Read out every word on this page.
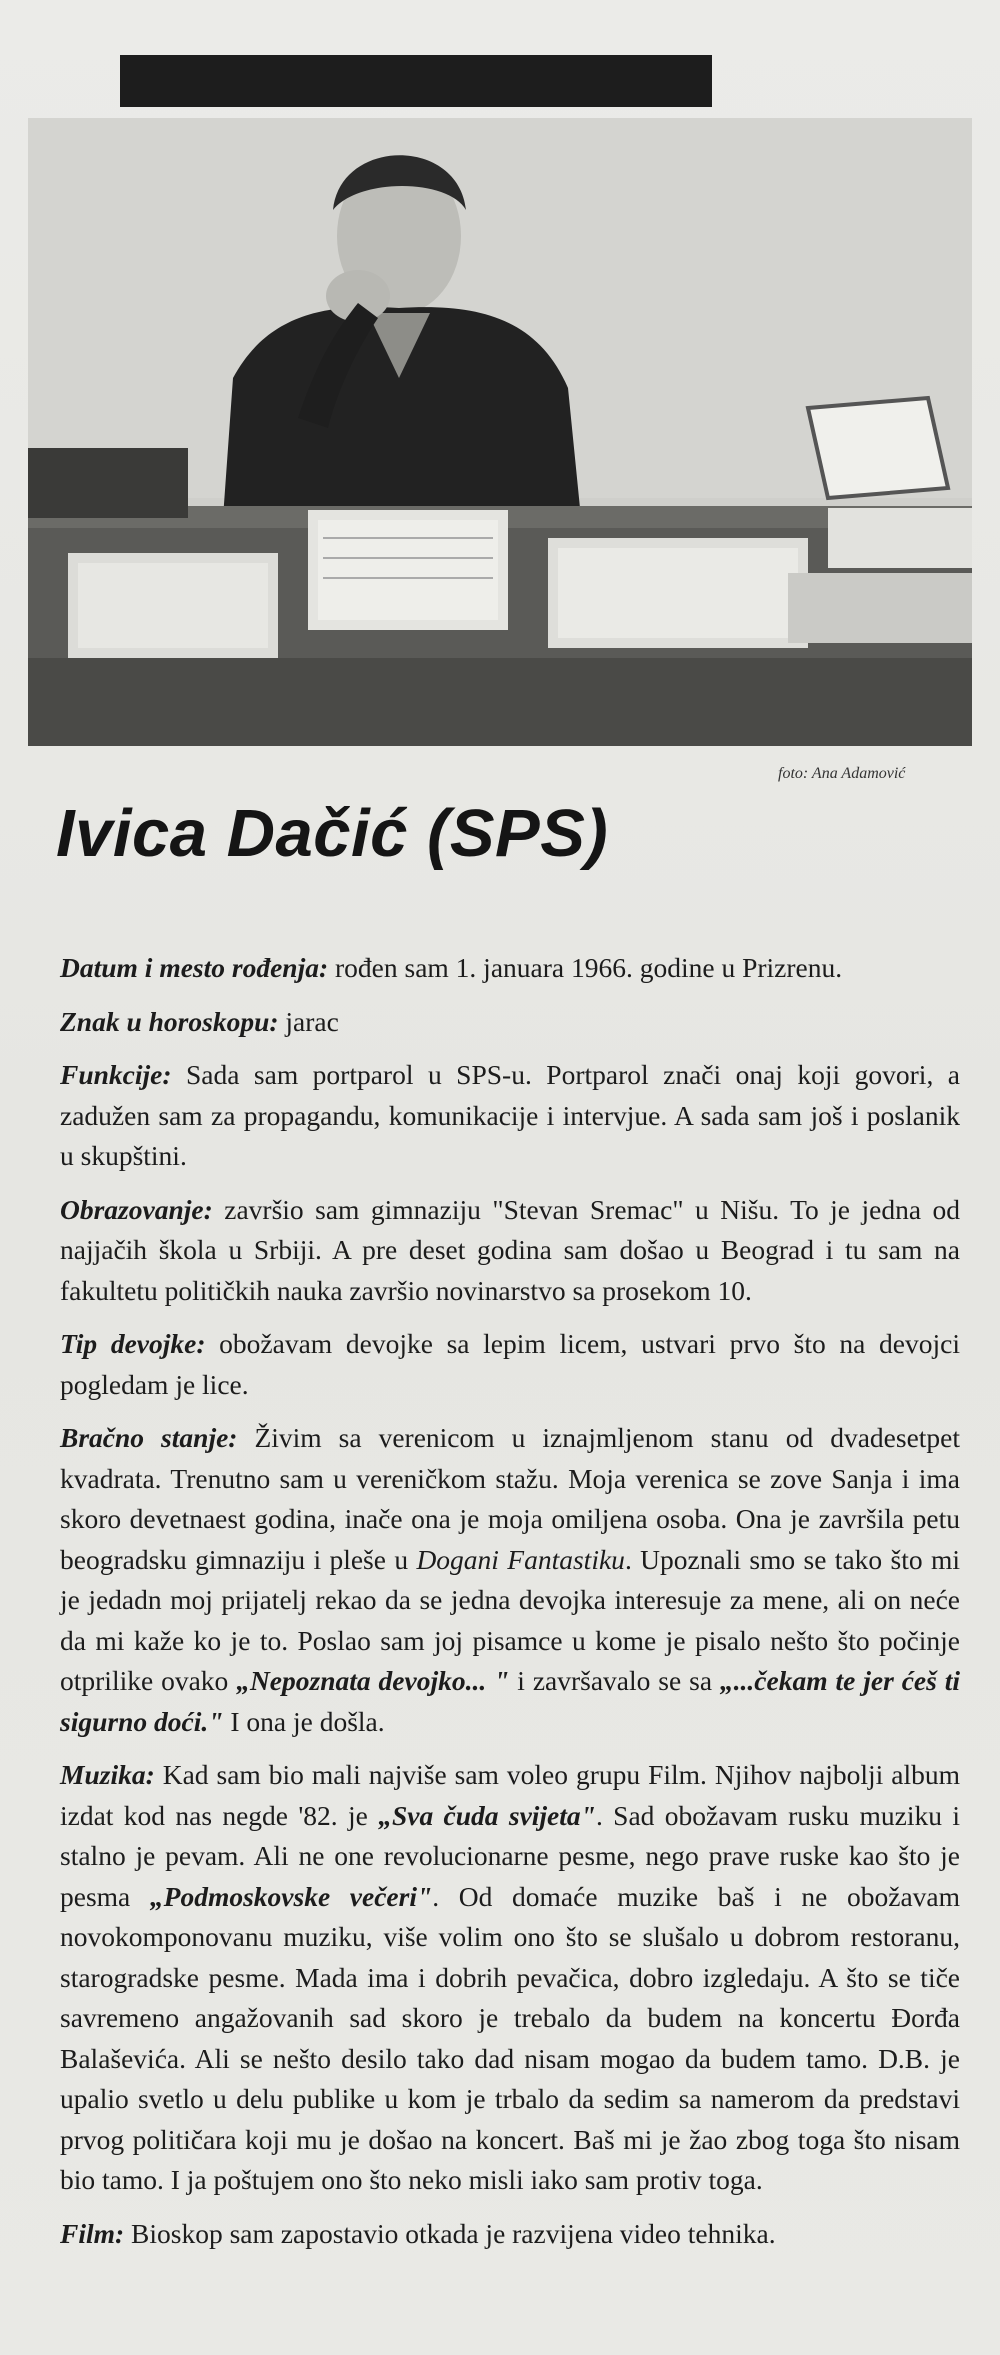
foto: Ana Adamović
Ivica Dačić (SPS)

Datum i mesto rođenja: rođen sam 1. januara 1966. godine u Prizrenu.

Znak u horoskopu: jarac

Funkcije: Sada sam portparol u SPS-u. Portparol znači onaj koji govori, a zadužen sam za propagandu, komunikacije i intervjue. A sada sam još i poslanik u skupštini.

Obrazovanje: završio sam gimnaziju "Stevan Sremac" u Nišu. To je jedna od najjačih škola u Srbiji. A pre deset godina sam došao u Beograd i tu sam na fakultetu političkih nauka završio novinarstvo sa prosekom 10.

Tip devojke: obožavam devojke sa lepim licem, ustvari prvo što na devojci pogledam je lice.

Bračno stanje: Živim sa verenicom u iznajmljenom stanu od dvadesetpet kvadrata. Trenutno sam u vereničkom stažu. Moja verenica se zove Sanja i ima skoro devetnaest godina, inače ona je moja omiljena osoba. Ona je završila petu beogradsku gimnaziju i pleše u Dogani Fantastiku. Upoznali smo se tako što mi je jedadn moj prijatelj rekao da se jedna devojka interesuje za mene, ali on neće da mi kaže ko je to. Poslao sam joj pisamce u kome je pisalo nešto što počinje otprilike ovako „Nepoznata devojko... " i završavalo se sa „...čekam te jer ćeš ti sigurno doći." I ona je došla.

Muzika: Kad sam bio mali najviše sam voleo grupu Film. Njihov najbolji album izdat kod nas negde '82. je „Sva čuda svijeta". Sad obožavam rusku muziku i stalno je pevam. Ali ne one revolucionarne pesme, nego prave ruske kao što je pesma „Podmoskovske večeri". Od domaće muzike baš i ne obožavam novokomponovanu muziku, više volim ono što se slušalo u dobrom restoranu, starogradske pesme. Mada ima i dobrih pevačica, dobro izgledaju. A što se tiče savremeno angažovanih sad skoro je trebalo da budem na koncertu Đorđa Balaševića. Ali se nešto desilo tako dad nisam mogao da budem tamo. D.B. je upalio svetlo u delu publike u kom je trbalo da sedim sa namerom da predstavi prvog političara koji mu je došao na koncert. Baš mi je žao zbog toga što nisam bio tamo. I ja poštujem ono što neko misli iako sam protiv toga.

Film: Bioskop sam zapostavio otkada je razvijena video tehnika.
